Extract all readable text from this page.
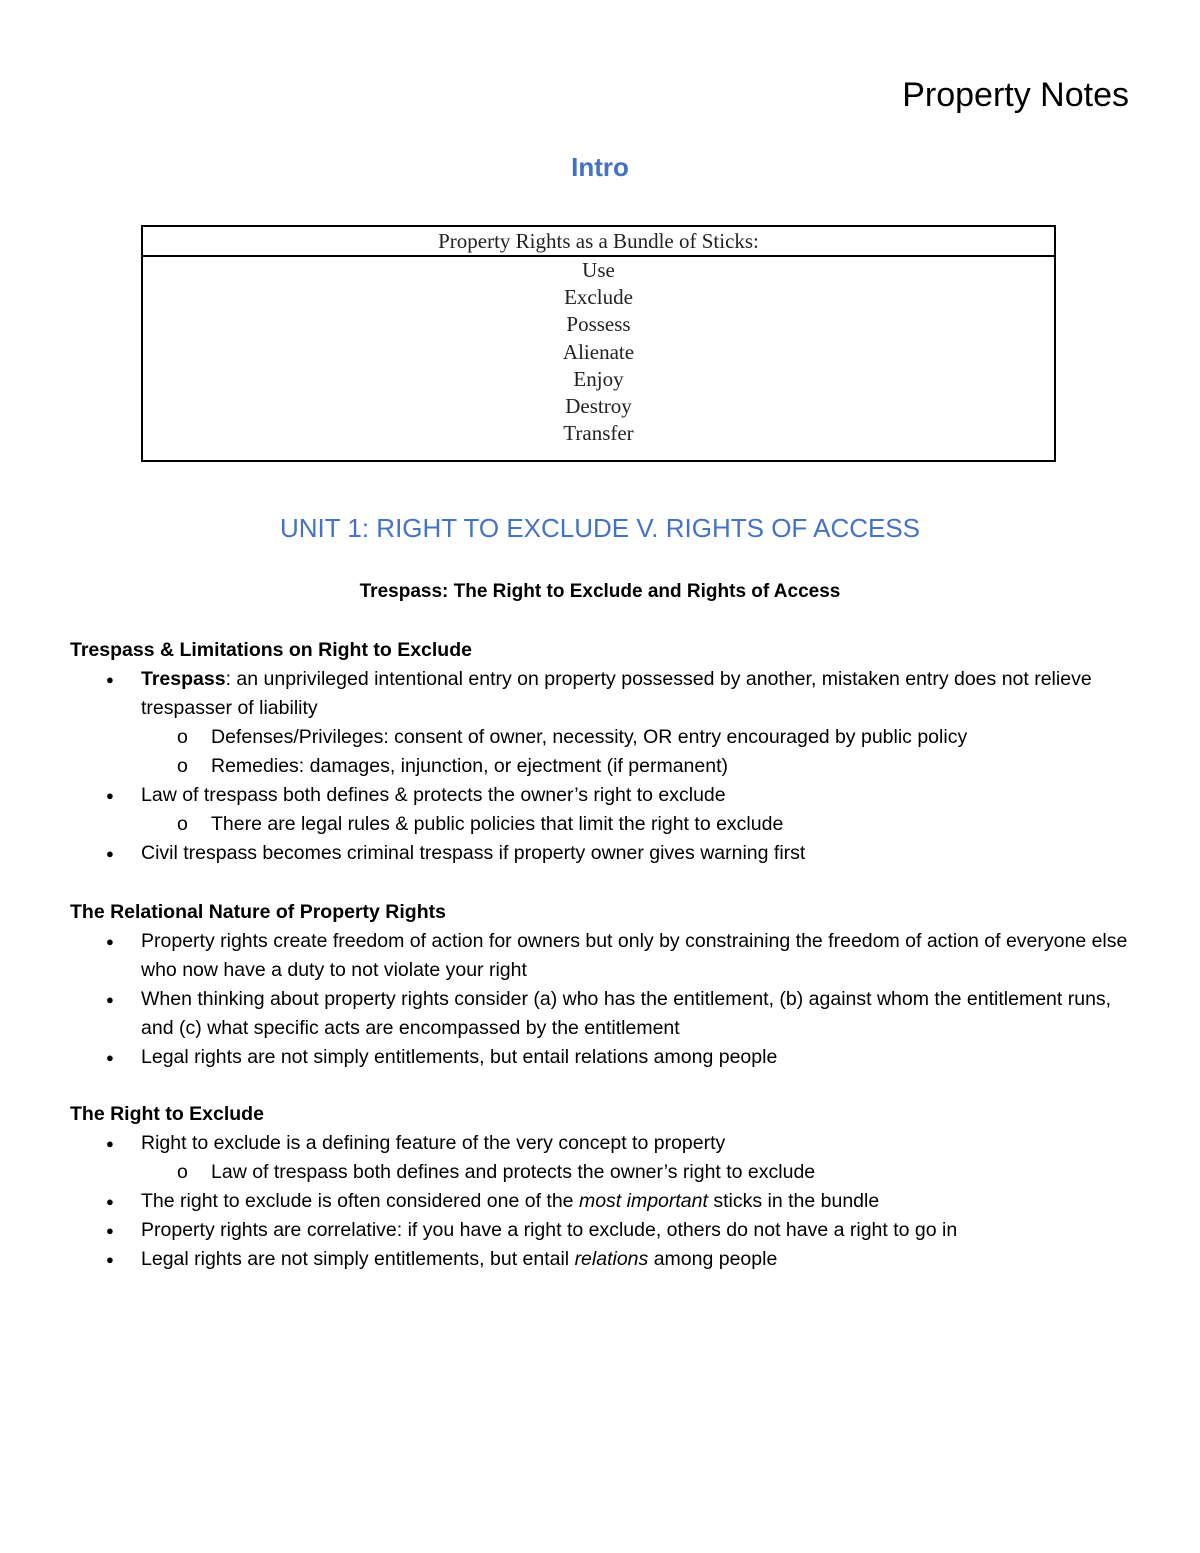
Property Notes
Intro
Property Rights as a Bundle of Sticks:
Use
Exclude
Possess
Alienate
Enjoy
Destroy
Transfer
UNIT 1: RIGHT TO EXCLUDE V. RIGHTS OF ACCESS
Trespass: The Right to Exclude and Rights of Access
Trespass & Limitations on Right to Exclude
● Trespass: an unprivileged intentional entry on property possessed by another, mistaken entry does not relieve trespasser of liability
o Defenses/Privileges: consent of owner, necessity, OR entry encouraged by public policy
o Remedies: damages, injunction, or ejectment (if permanent)
● Law of trespass both defines & protects the owner’s right to exclude
o There are legal rules & public policies that limit the right to exclude
● Civil trespass becomes criminal trespass if property owner gives warning first
The Relational Nature of Property Rights
● Property rights create freedom of action for owners but only by constraining the freedom of action of everyone else who now have a duty to not violate your right
● When thinking about property rights consider (a) who has the entitlement, (b) against whom the entitlement runs, and (c) what specific acts are encompassed by the entitlement
● Legal rights are not simply entitlements, but entail relations among people
The Right to Exclude
● Right to exclude is a defining feature of the very concept to property
o Law of trespass both defines and protects the owner’s right to exclude
● The right to exclude is often considered one of the most important sticks in the bundle
● Property rights are correlative: if you have a right to exclude, others do not have a right to go in
● Legal rights are not simply entitlements, but entail relations among people
